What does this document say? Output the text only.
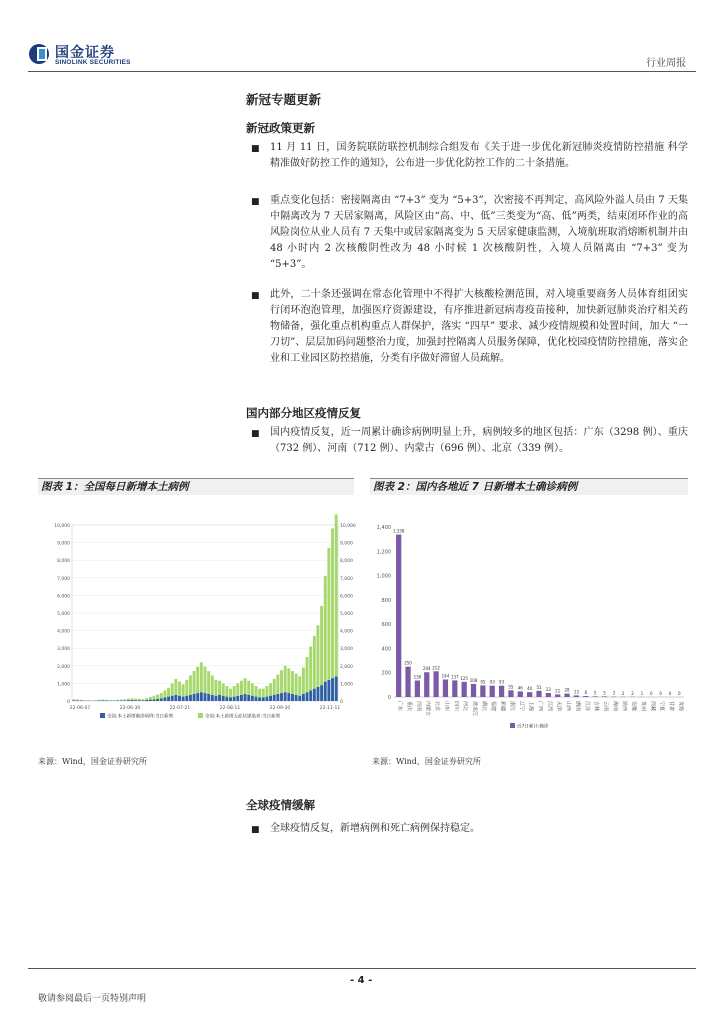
国金证券
SINOLINK SECURITIES	行业周报
新冠专题更新
新冠政策更新
■ 11 月 11 日，国务院联防联控机制综合组发布《关于进一步优化新冠肺炎疫情防控措施 科学精准做好防控工作的通知》，公布进一步优化防控工作的二十条措施。
■ 重点变化包括：密接隔离由 “7+3” 变为 “5+3”，次密接不再判定，高风险外溢人员由 7 天集中隔离改为 7 天居家隔离，风险区由“高、中、低”三类变为“高、低”两类，结束闭环作业的高风险岗位从业人员有 7 天集中或居家隔离变为 5 天居家健康监测，入境航班取消熔断机制并由 48 小时内 2 次核酸阴性改为 48 小时候 1 次核酸阴性，入境人员隔离由 “7+3” 变为 “5+3”。
■ 此外，二十条还强调在常态化管理中不得扩大核酸检测范围，对入境重要商务人员体育组团实行闭环泡泡管理，加强医疗资源建设，有序推进新冠病毒疫苗接种，加快新冠肺炎治疗相关药物储备，强化重点机构重点人群保护，落实 “四早” 要求、减少疫情规模和处置时间，加大 “一刀切”、层层加码问题整治力度，加强封控隔离人员服务保障，优化校园疫情防控措施，落实企业和工业园区防控措施，分类有序做好滞留人员疏解。
国内部分地区疫情反复
■ 国内疫情反复，近一周累计确诊病例明显上升，病例较多的地区包括：广东（3298 例）、重庆（732 例）、河南（712 例）、内蒙古（696 例）、北京（339 例）。
图表 1：全国每日新增本土病例	图表 2：国内各地近 7 日新增本土确诊病例
0	0
1,000	1,000
2,000	2,000
3,000	3,000
4,000	4,000
5,000	5,000
6,000	6,000
7,000	7,000
8,000	8,000
9,000	9,000
10,000	10,000
22-06-07	22-06-30	22-07-21	22-08-11	22-09-30	22-11-11
全国:本土新增确诊病例:当日新增	全国:本土新增无症状感染者:当日新增
0
200
400
600
800
1,000
1,200
1,400
1,338
广东
250
重庆
136
河南
204
内蒙古
212
北京
144
山东
137
四川
125
河北
108
黑龙江
95
湖北
93
福建
93
新疆
55
浙江
46
辽宁
40
上海
51
广西
33
江西
21
天津
28
山西
13
湖南
8
江苏
5
吉林
5
云南
3
海南
2
陕西
2
安徽
1
贵州
0
西藏
0
宁夏
0
甘肃
0
青海
近7日累计:确诊
来源：Wind，国金证券研究所	来源：Wind，国金证券研究所
全球疫情缓解
■ 全球疫情反复，新增病例和死亡病例保持稳定。
- 4 -
敬请参阅最后一页特别声明
